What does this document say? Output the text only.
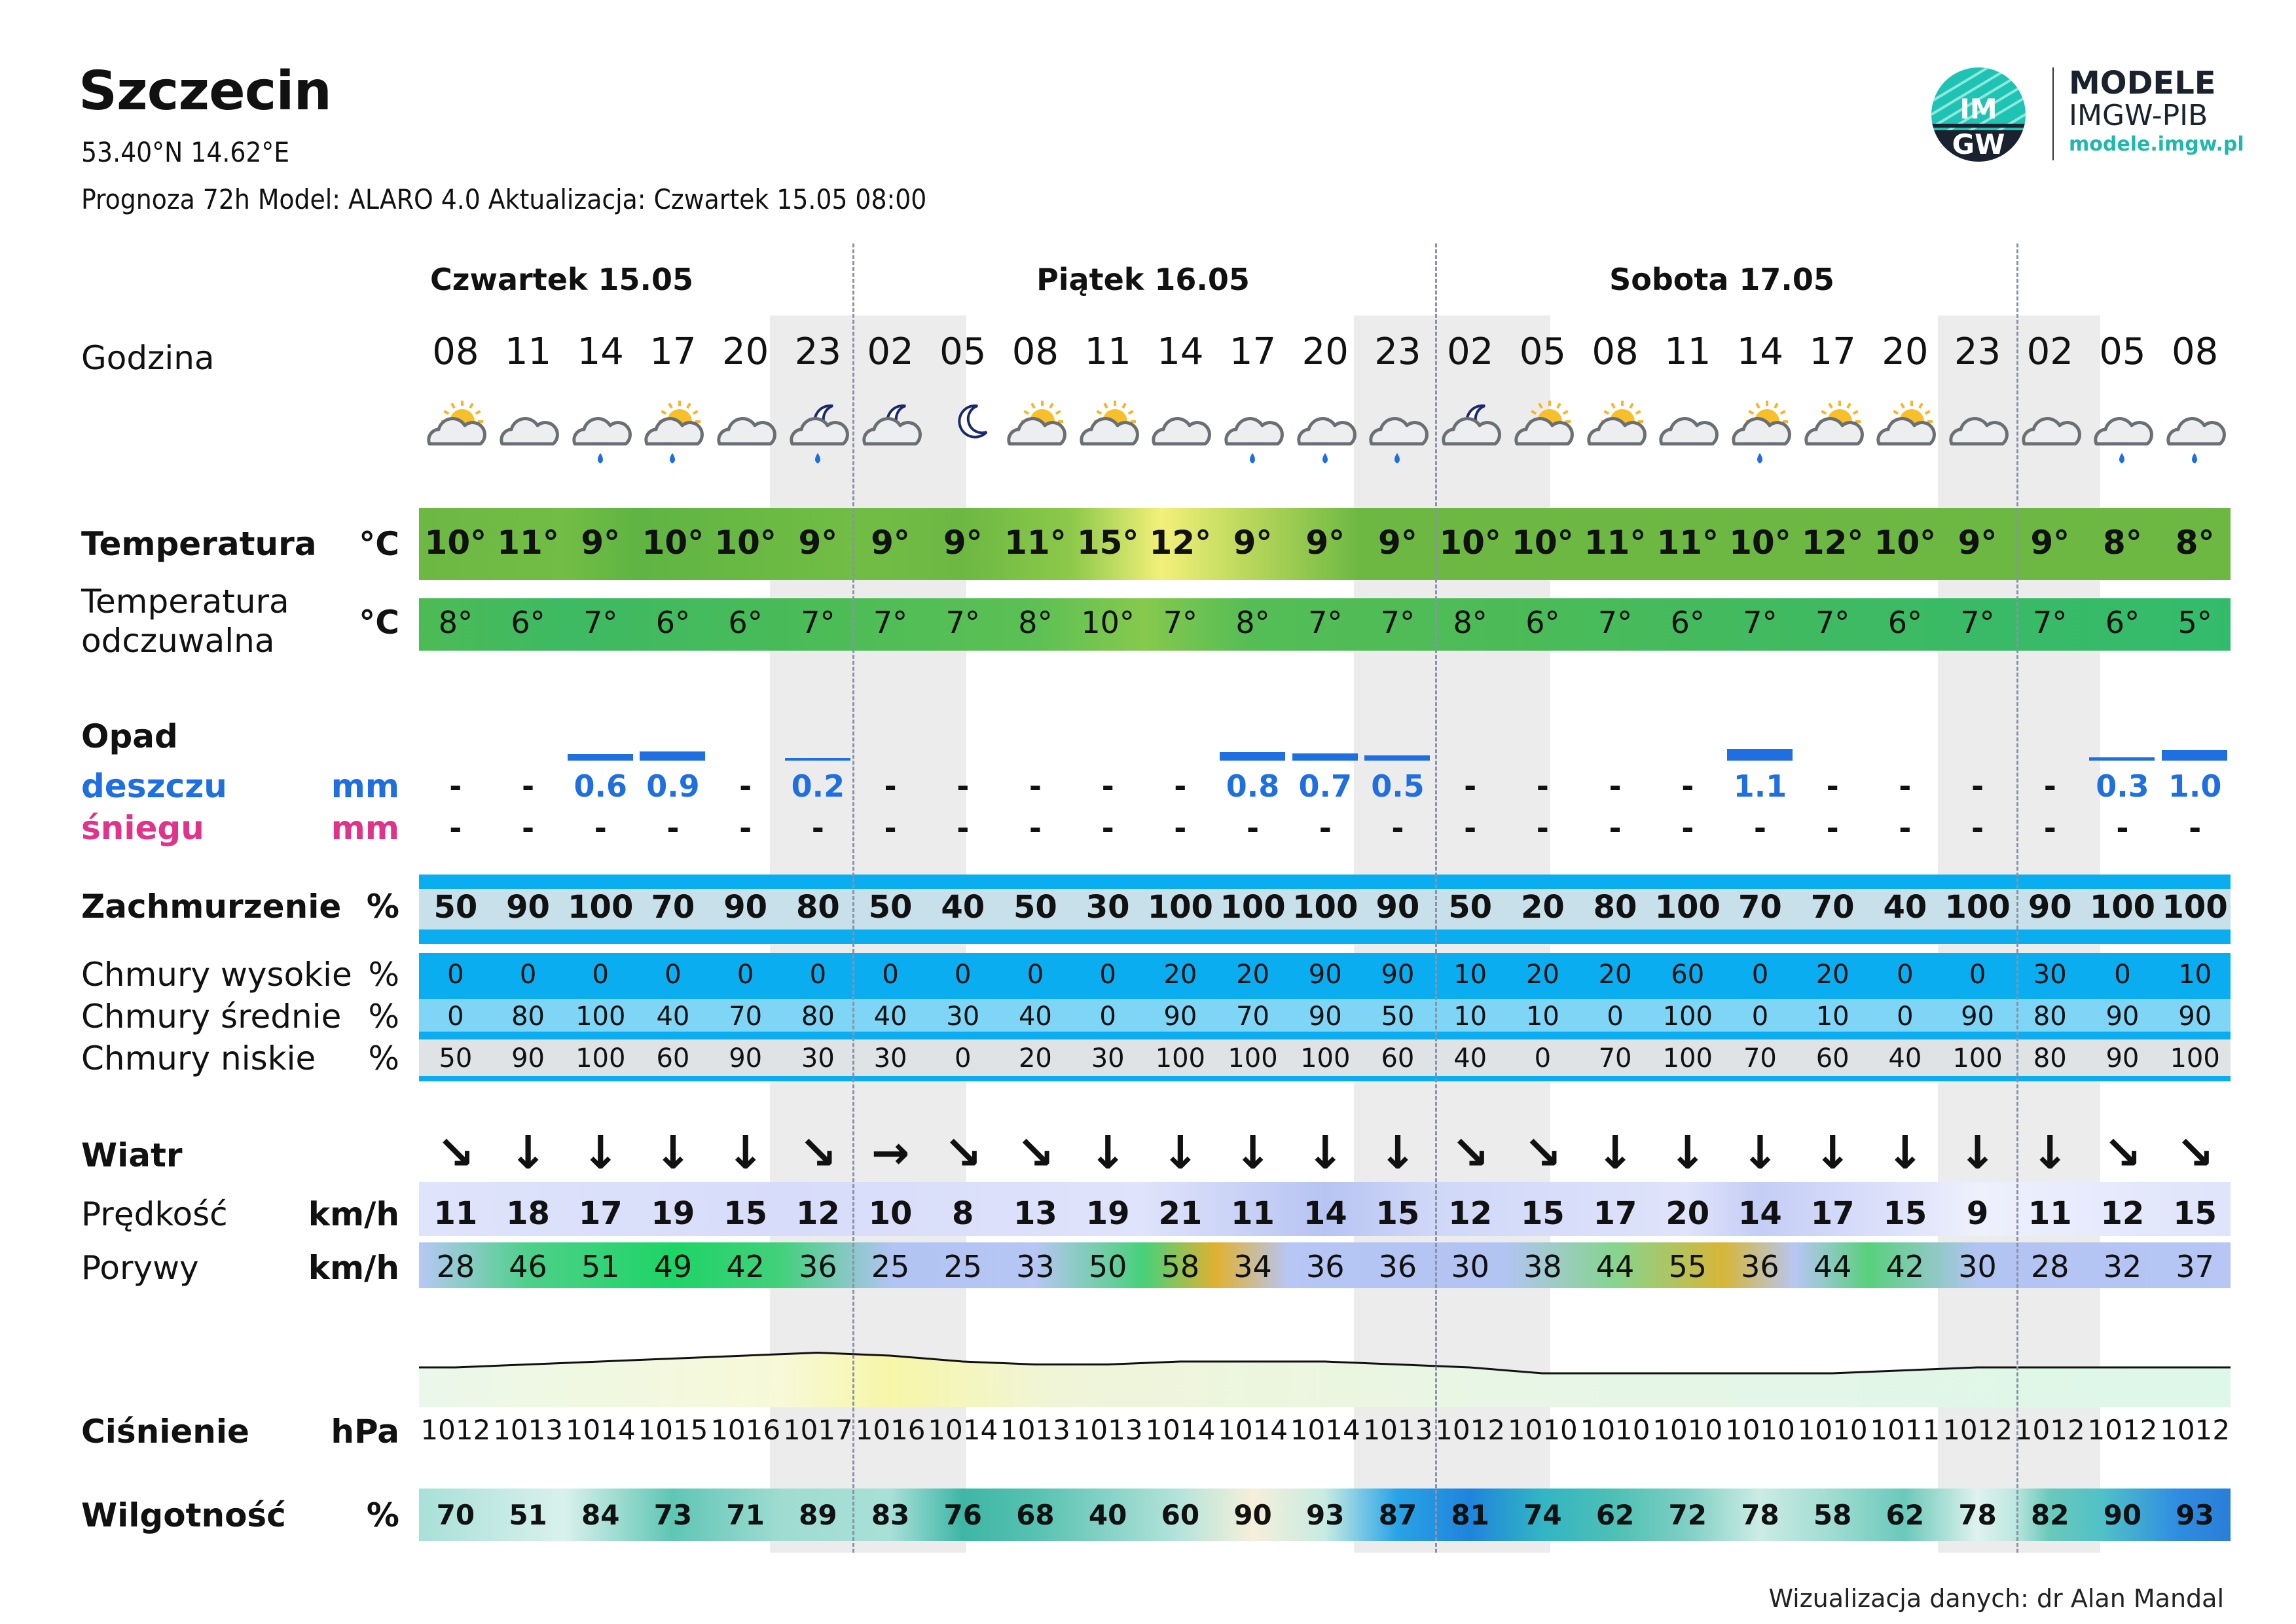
Szczecin
53.40°N 14.62°E
Prognoza 72h Model: ALARO 4.0 Aktualizacja: Czwartek 15.05 08:00
IM
GW
MODELE
IMGW-PIB
modele.imgw.pl
Czwartek 15.05	Piątek 16.05	Sobota 17.05
Godzina
Temperatura
Temperatura
odczuwalna
Opad
deszczu
śniegu
Zachmurzenie
Chmury wysokie
Chmury średnie
Chmury niskie
Wiatr
Prędkość
Porywy
Ciśnienie
Wilgotność
°C
°C
mm
mm
%
%
%
%
km/h
km/h
hPa
%
08
10°
8°
-
-
50
0
0
50
↘
11
28
1012
70
11
11°
6°
-
-
90
0
80
90
↓
18
46
1013
51
14
9°
7°
0.6
-
100
0
100
100
↓
17
51
1014
84
17
10°
6°
0.9
-
70
0
40
60
↓
19
49
1015
73
20
10°
6°
-
-
90
0
70
90
↓
15
42
1016
71
23
9°
7°
0.2
-
80
0
80
30
↘
12
36
1017
89
02
9°
7°
-
-
50
0
40
30
→
10
25
1016
83
05
9°
7°
-
-
40
0
30
0
↘
8
25
1014
76
08
11°
8°
-
-
50
0
40
20
↘
13
33
1013
68
11
15°
10°
-
-
30
0
0
30
↓
19
50
1013
40
14
12°
7°
-
-
100
20
90
100
↓
21
58
1014
60
17
9°
8°
0.8
-
100
20
70
100
↓
11
34
1014
90
20
9°
7°
0.7
-
100
90
90
100
↓
14
36
1014
93
23
9°
7°
0.5
-
90
90
50
60
↓
15
36
1013
87
02
10°
8°
-
-
50
10
10
40
↘
12
30
1012
81
05
10°
6°
-
-
20
20
10
0
↘
15
38
1010
74
08
11°
7°
-
-
80
20
0
70
↓
17
44
1010
62
11
11°
6°
-
-
100
60
100
100
↓
20
55
1010
72
14
10°
7°
1.1
-
70
0
0
70
↓
14
36
1010
78
17
12°
7°
-
-
70
20
10
60
↓
17
44
1010
58
20
10°
6°
-
-
40
0
0
40
↓
15
42
1011
62
23
9°
7°
-
-
100
0
90
100
↓
9
30
1012
78
02
9°
7°
-
-
90
30
80
80
↓
11
28
1012
82
05
8°
6°
0.3
-
100
0
90
90
↘
12
32
1012
90
08
8°
5°
1.0
-
100
10
90
100
↘
15
37
1012
93
Wizualizacja danych: dr Alan Mandal
